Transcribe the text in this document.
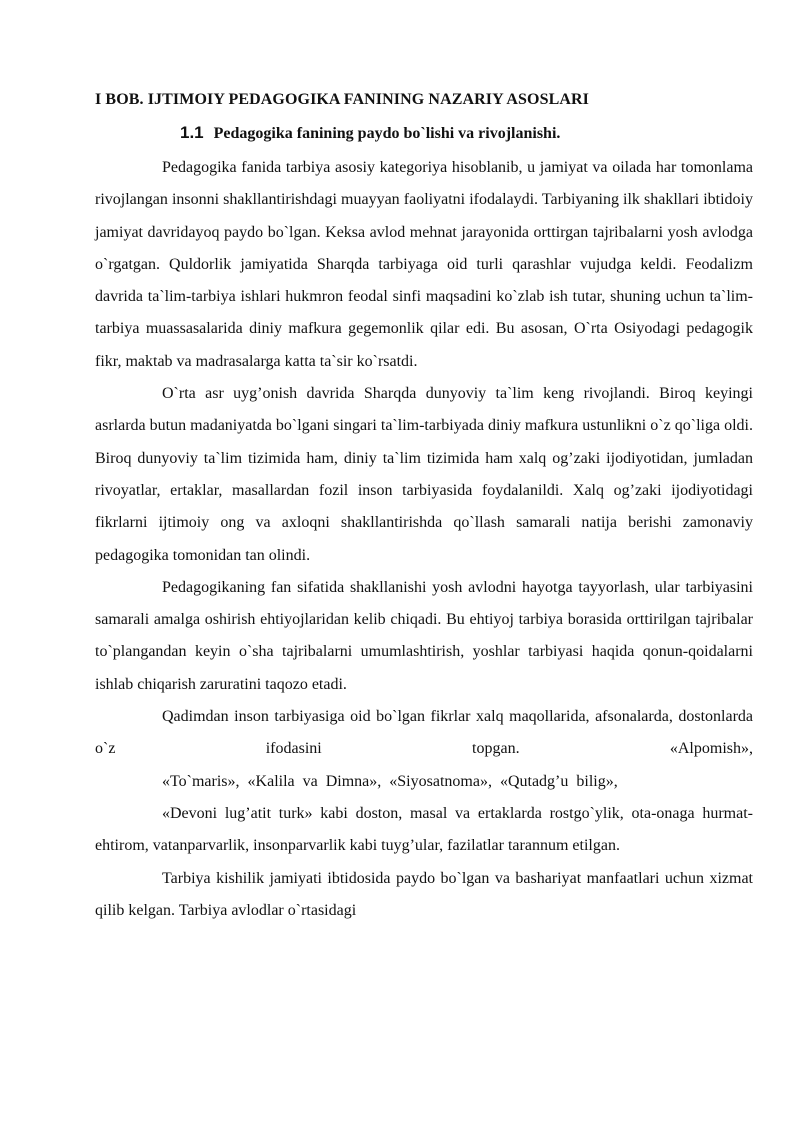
I BOB. IJTIMOIY PEDAGOGIKA FANINING NAZARIY ASOSLARI
1.1 Pedagogika fanining paydo bo`lishi va rivojlanishi.

Pedagogika fanida tarbiya asosiy kategoriya hisoblanib, u jamiyat va oilada har tomonlama rivojlangan insonni shakllantirishdagi muayyan faoliyatni ifodalaydi. Tarbiyaning ilk shakllari ibtidoiy jamiyat davridayoq paydo bo`lgan. Keksa avlod mehnat jarayonida orttirgan tajribalarni yosh avlodga o`rgatgan. Quldorlik jamiyatida Sharqda tarbiyaga oid turli qarashlar vujudga keldi. Feodalizm davrida ta`lim-tarbiya ishlari hukmron feodal sinfi maqsadini ko`zlab ish tutar, shuning uchun ta`lim-tarbiya muassasalarida diniy mafkura gegemonlik qilar edi. Bu asosan, O`rta Osiyodagi pedagogik fikr, maktab va madrasalarga katta ta`sir ko`rsatdi.

O`rta asr uyg’onish davrida Sharqda dunyoviy ta`lim keng rivojlandi. Biroq keyingi asrlarda butun madaniyatda bo`lgani singari ta`lim-tarbiyada diniy mafkura ustunlikni o`z qo`liga oldi. Biroq dunyoviy ta`lim tizimida ham, diniy ta`lim tizimida ham xalq og’zaki ijodiyotidan, jumladan rivoyatlar, ertaklar, masallardan fozil inson tarbiyasida foydalanildi. Xalq og’zaki ijodiyotidagi fikrlarni ijtimoiy ong va axloqni shakllantirishda qo`llash samarali natija berishi zamonaviy pedagogika tomonidan tan olindi.

Pedagogikaning fan sifatida shakllanishi yosh avlodni hayotga tayyorlash, ular tarbiyasini samarali amalga oshirish ehtiyojlaridan kelib chiqadi. Bu ehtiyoj tarbiya borasida orttirilgan tajribalar to`plangandan keyin o`sha tajribalarni umumlashtirish, yoshlar tarbiyasi haqida qonun-qoidalarni ishlab chiqarish zaruratini taqozo etadi.

Qadimdan inson tarbiyasiga oid bo`lgan fikrlar xalq maqollarida, afsonalarda, dostonlarda o`z ifodasini topgan. «Alpomish»,

«To`maris», «Kalila va Dimna», «Siyosatnoma», «Qutadg’u bilig»,

«Devoni lug’atit turk» kabi doston, masal va ertaklarda rostgo`ylik, ota-onaga hurmat-ehtirom, vatanparvarlik, insonparvarlik kabi tuyg’ular, fazilatlar tarannum etilgan.

Tarbiya kishilik jamiyati ibtidosida paydo bo`lgan va bashariyat manfaatlari uchun xizmat qilib kelgan. Tarbiya avlodlar o`rtasidagi
